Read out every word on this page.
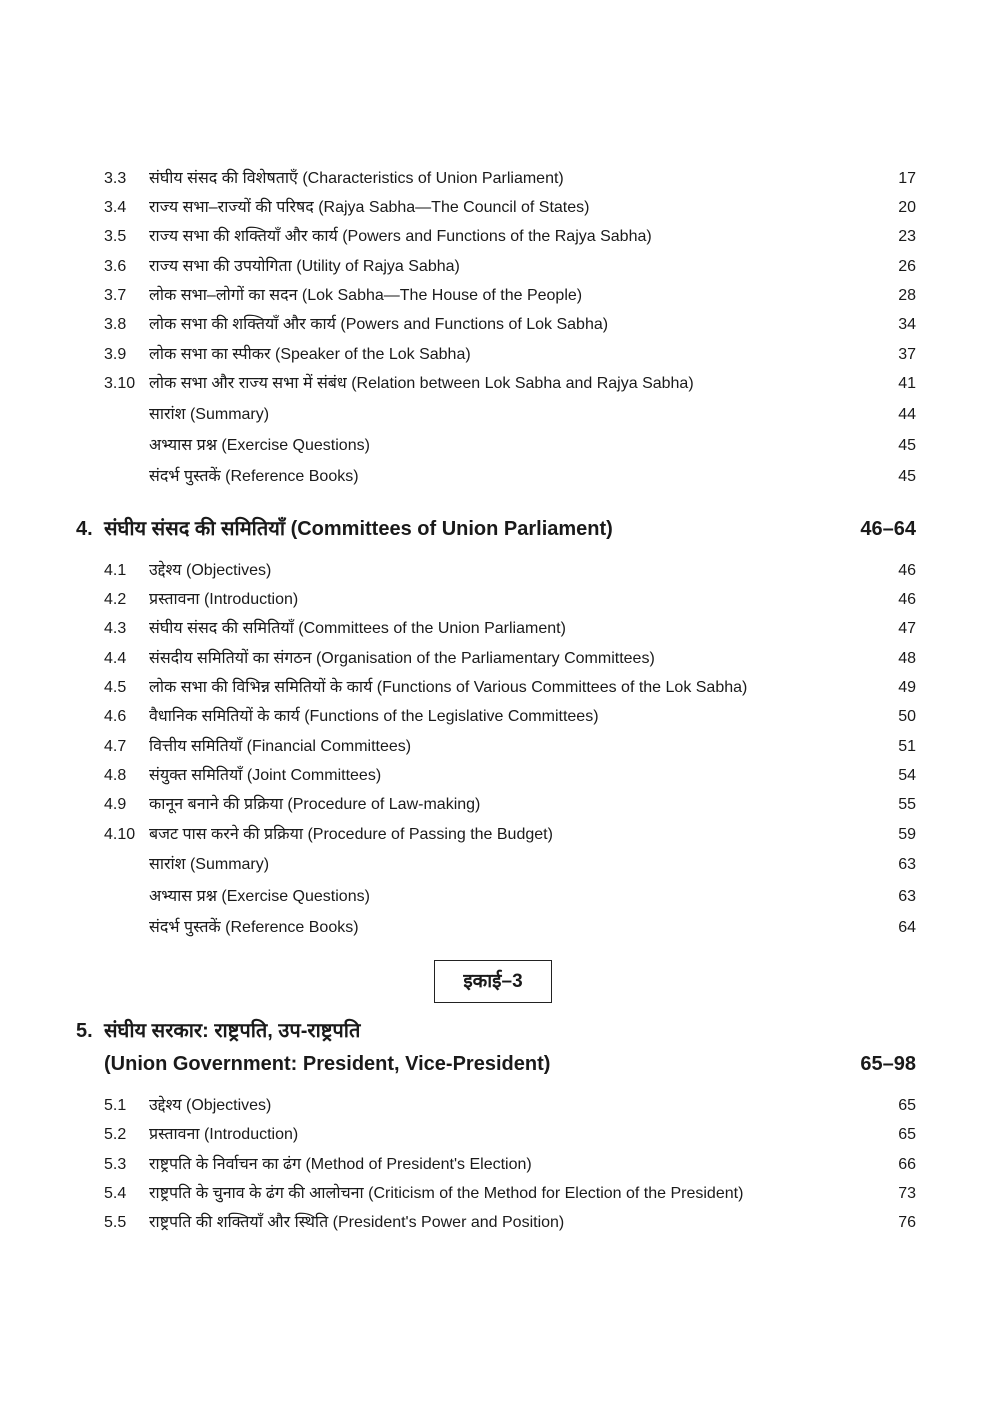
3.3 संघीय संसद की विशेषताएँ (Characteristics of Union Parliament)	17
3.4 राज्य सभा–राज्यों की परिषद (Rajya Sabha—The Council of States)	20
3.5 राज्य सभा की शक्तियाँ और कार्य (Powers and Functions of the Rajya Sabha)	23
3.6 राज्य सभा की उपयोगिता (Utility of Rajya Sabha)	26
3.7 लोक सभा–लोगों का सदन (Lok Sabha—The House of the People)	28
3.8 लोक सभा की शक्तियाँ और कार्य (Powers and Functions of Lok Sabha)	34
3.9 लोक सभा का स्पीकर (Speaker of the Lok Sabha)	37
3.10 लोक सभा और राज्य सभा में संबंध (Relation between Lok Sabha and Rajya Sabha)	41
सारांश (Summary)	44
अभ्यास प्रश्न (Exercise Questions)	45
संदर्भ पुस्तकें (Reference Books)	45
4. संघीय संसद की समितियाँ (Committees of Union Parliament)	46–64
4.1 उद्देश्य (Objectives)	46
4.2 प्रस्तावना (Introduction)	46
4.3 संघीय संसद की समितियाँ (Committees of the Union Parliament)	47
4.4 संसदीय समितियों का संगठन (Organisation of the Parliamentary Committees)	48
4.5 लोक सभा की विभिन्न समितियों के कार्य (Functions of Various Committees of the Lok Sabha)	49
4.6 वैधानिक समितियों के कार्य (Functions of the Legislative Committees)	50
4.7 वित्तीय समितियाँ (Financial Committees)	51
4.8 संयुक्त समितियाँ (Joint Committees)	54
4.9 कानून बनाने की प्रक्रिया (Procedure of Law-making)	55
4.10 बजट पास करने की प्रक्रिया (Procedure of Passing the Budget)	59
सारांश (Summary)	63
अभ्यास प्रश्न (Exercise Questions)	63
संदर्भ पुस्तकें (Reference Books)	64
इकाई–3
5. संघीय सरकार: राष्ट्रपति, उप-राष्ट्रपति
(Union Government: President, Vice-President)	65–98
5.1 उद्देश्य (Objectives)	65
5.2 प्रस्तावना (Introduction)	65
5.3 राष्ट्रपति के निर्वाचन का ढंग (Method of President's Election)	66
5.4 राष्ट्रपति के चुनाव के ढंग की आलोचना (Criticism of the Method for Election of the President)	73
5.5 राष्ट्रपति की शक्तियाँ और स्थिति (President's Power and Position)	76
